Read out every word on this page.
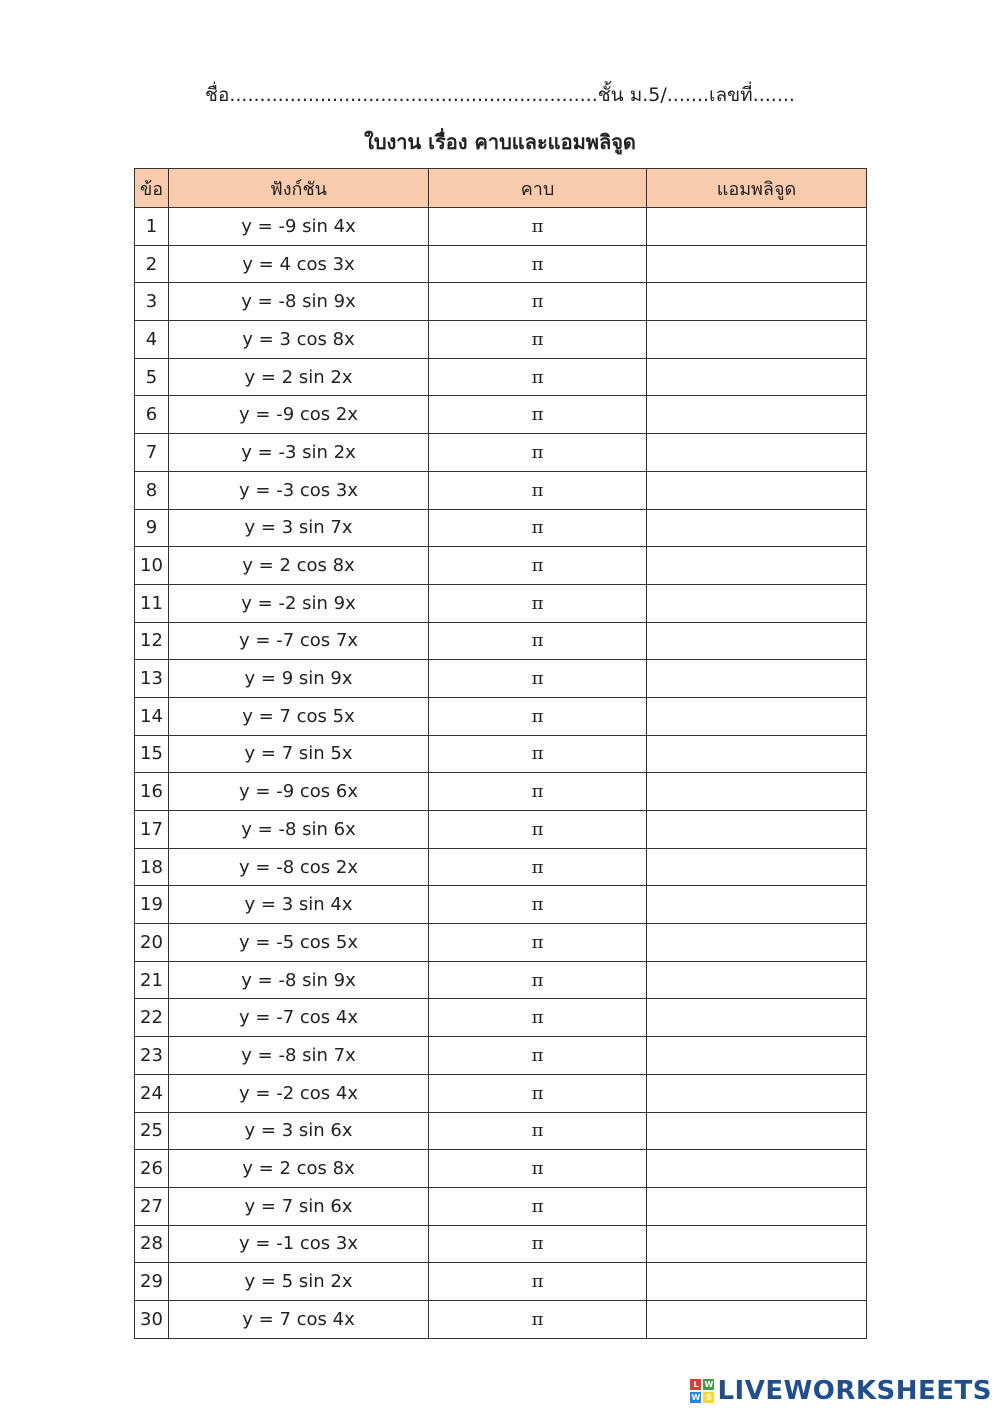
ชื่อ.............................................................ชั้น ม.5/.......เลขที่.......
ใบงาน เรื่อง คาบและแอมพลิจูด
ข้อ	ฟังก์ชัน	คาบ	แอมพลิจูด
1	y = -9 sin 4x	π	
2	y = 4 cos 3x	π	
3	y = -8 sin 9x	π	
4	y = 3 cos 8x	π	
5	y = 2 sin 2x	π	
6	y = -9 cos 2x	π	
7	y = -3 sin 2x	π	
8	y = -3 cos 3x	π	
9	y = 3 sin 7x	π	
10	y = 2 cos 8x	π	
11	y = -2 sin 9x	π	
12	y = -7 cos 7x	π	
13	y = 9 sin 9x	π	
14	y = 7 cos 5x	π	
15	y = 7 sin 5x	π	
16	y = -9 cos 6x	π	
17	y = -8 sin 6x	π	
18	y = -8 cos 2x	π	
19	y = 3 sin 4x	π	
20	y = -5 cos 5x	π	
21	y = -8 sin 9x	π	
22	y = -7 cos 4x	π	
23	y = -8 sin 7x	π	
24	y = -2 cos 4x	π	
25	y = 3 sin 6x	π	
26	y = 2 cos 8x	π	
27	y = 7 sin 6x	π	
28	y = -1 cos 3x	π	
29	y = 5 sin 2x	π	
30	y = 7 cos 4x	π	
L W
W S LIVEWORKSHEETS
